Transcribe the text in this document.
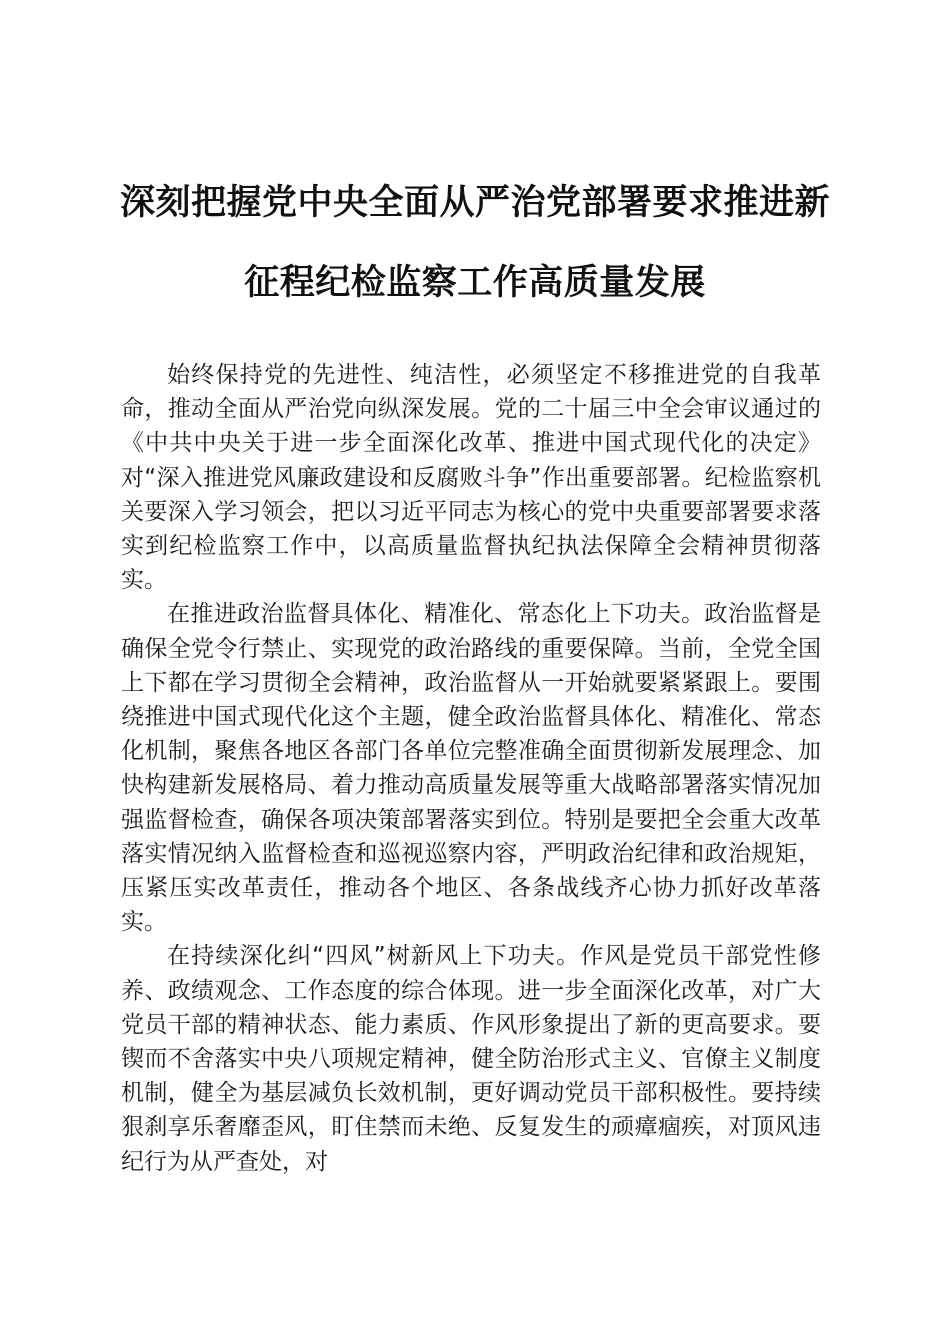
深刻把握党中央全面从严治党部署要求推进新
征程纪检监察工作高质量发展

始终保持党的先进性、纯洁性，必须坚定不移推进党的自我革命，推动全面从严治党向纵深发展。党的二十届三中全会审议通过的《中共中央关于进一步全面深化改革、推进中国式现代化的决定》对“深入推进党风廉政建设和反腐败斗争”作出重要部署。纪检监察机关要深入学习领会，把以习近平同志为核心的党中央重要部署要求落实到纪检监察工作中，以高质量监督执纪执法保障全会精神贯彻落实。

在推进政治监督具体化、精准化、常态化上下功夫。政治监督是确保全党令行禁止、实现党的政治路线的重要保障。当前，全党全国上下都在学习贯彻全会精神，政治监督从一开始就要紧紧跟上。要围绕推进中国式现代化这个主题，健全政治监督具体化、精准化、常态化机制，聚焦各地区各部门各单位完整准确全面贯彻新发展理念、加快构建新发展格局、着力推动高质量发展等重大战略部署落实情况加强监督检查，确保各项决策部署落实到位。特别是要把全会重大改革落实情况纳入监督检查和巡视巡察内容，严明政治纪律和政治规矩，压紧压实改革责任，推动各个地区、各条战线齐心协力抓好改革落实。

在持续深化纠“四风”树新风上下功夫。作风是党员干部党性修养、政绩观念、工作态度的综合体现。进一步全面深化改革，对广大党员干部的精神状态、能力素质、作风形象提出了新的更高要求。要锲而不舍落实中央八项规定精神，健全防治形式主义、官僚主义制度机制，健全为基层减负长效机制，更好调动党员干部积极性。要持续狠刹享乐奢靡歪风，盯住禁而未绝、反复发生的顽瘴痼疾，对顶风违纪行为从严查处，对
